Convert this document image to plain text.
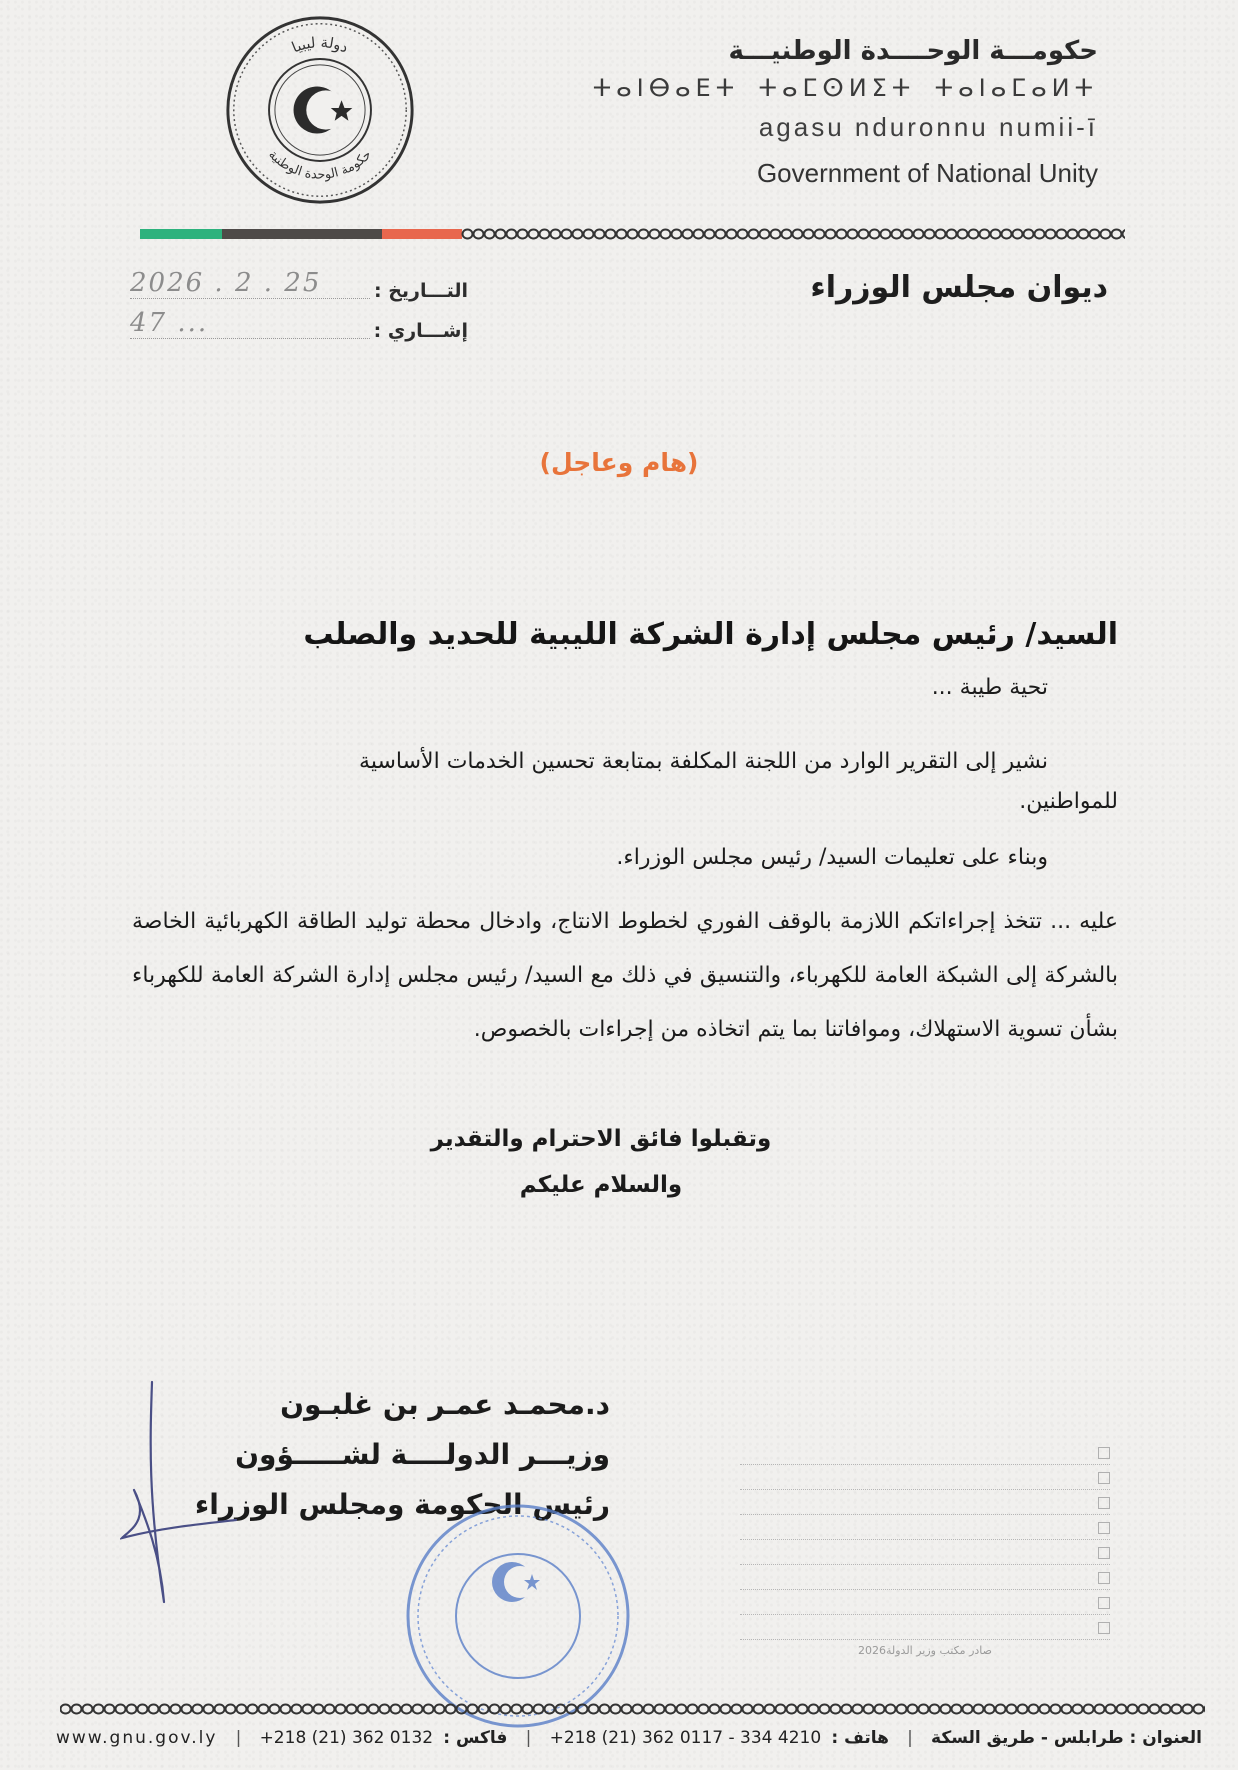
حكومـــة الوحــــدة الوطنيـــة
ⵜⴰⵏⴱⴰⴹⵜ ⵜⴰⵎⵙⵍⵉⵜ ⵜⴰⵏⴰⵎⴰⵍⵜ
agasu nduronnu numii-ī
Government of National Unity
دولة ليبيا
حكومة الوحدة الوطنية
ديوان مجلس الوزراء
التـــاريخ :
2026 . 2 . 25
إشـــاري :
47 ...
(هام وعاجل)
السيد/ رئيس مجلس إدارة الشركة الليبية للحديد والصلب
تحية طيبة ...
نشير إلى التقرير الوارد من اللجنة المكلفة بمتابعة تحسين الخدمات الأساسية
للمواطنين.
وبناء على تعليمات السيد/ رئيس مجلس الوزراء.
عليه ... تتخذ إجراءاتكم اللازمة بالوقف الفوري لخطوط الانتاج، وادخال محطة توليد الطاقة الكهربائية الخاصة بالشركة إلى الشبكة العامة للكهرباء، والتنسيق في ذلك مع السيد/ رئيس مجلس إدارة الشركة العامة للكهرباء بشأن تسوية الاستهلاك، وموافاتنا بما يتم اتخاذه من إجراءات بالخصوص.
وتقبلوا فائق الاحترام والتقدير
والسلام عليكم
د.محمـد عمـر بن غلبـون
وزيـــر الدولــــة لشـــــؤون
رئيس الحكومة ومجلس الوزراء
صادر مكتب وزير الدولة2026
www.gnu.gov.ly | +218 (21) 362 0132 فاكس : | +218 (21) 362 0117 - 334 4210 هاتف : | العنوان : طرابلس - طريق السكة
